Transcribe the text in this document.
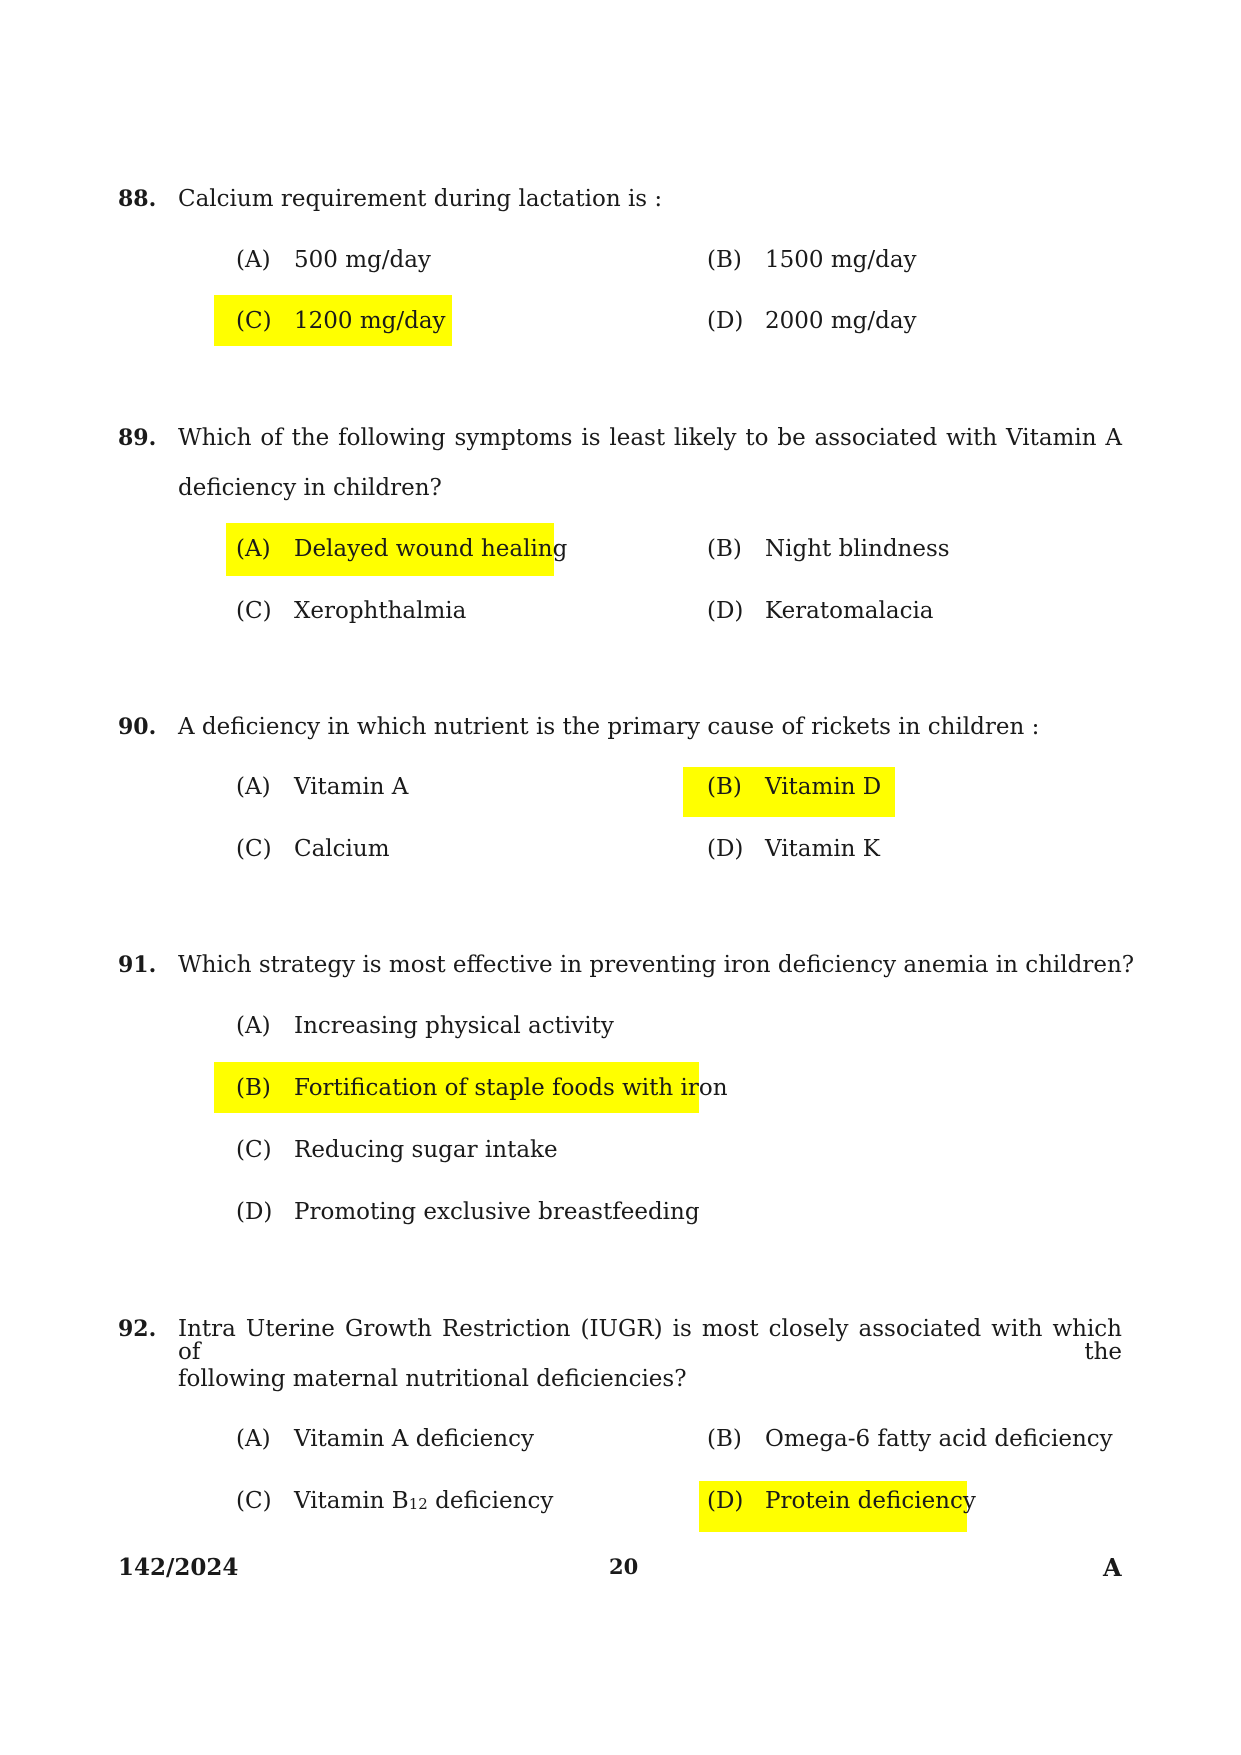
88. Calcium requirement during lactation is :
(A) 500 mg/day	(B) 1500 mg/day
(C) 1200 mg/day	(D) 2000 mg/day
89. Which of the following symptoms is least likely to be associated with Vitamin A
deficiency in children?
(A) Delayed wound healing	(B) Night blindness
(C) Xerophthalmia	(D) Keratomalacia
90. A deficiency in which nutrient is the primary cause of rickets in children :
(A) Vitamin A	(B) Vitamin D
(C) Calcium	(D) Vitamin K
91. Which strategy is most effective in preventing iron deficiency anemia in children?
(A) Increasing physical activity
(B) Fortification of staple foods with iron
(C) Reducing sugar intake
(D) Promoting exclusive breastfeeding
92. Intra Uterine Growth Restriction (IUGR) is most closely associated with which of the
following maternal nutritional deficiencies?
(A) Vitamin A deficiency	(B) Omega-6 fatty acid deficiency
(C) Vitamin $B_{12}$ deficiency	(D) Protein deficiency
142/2024	20	A
